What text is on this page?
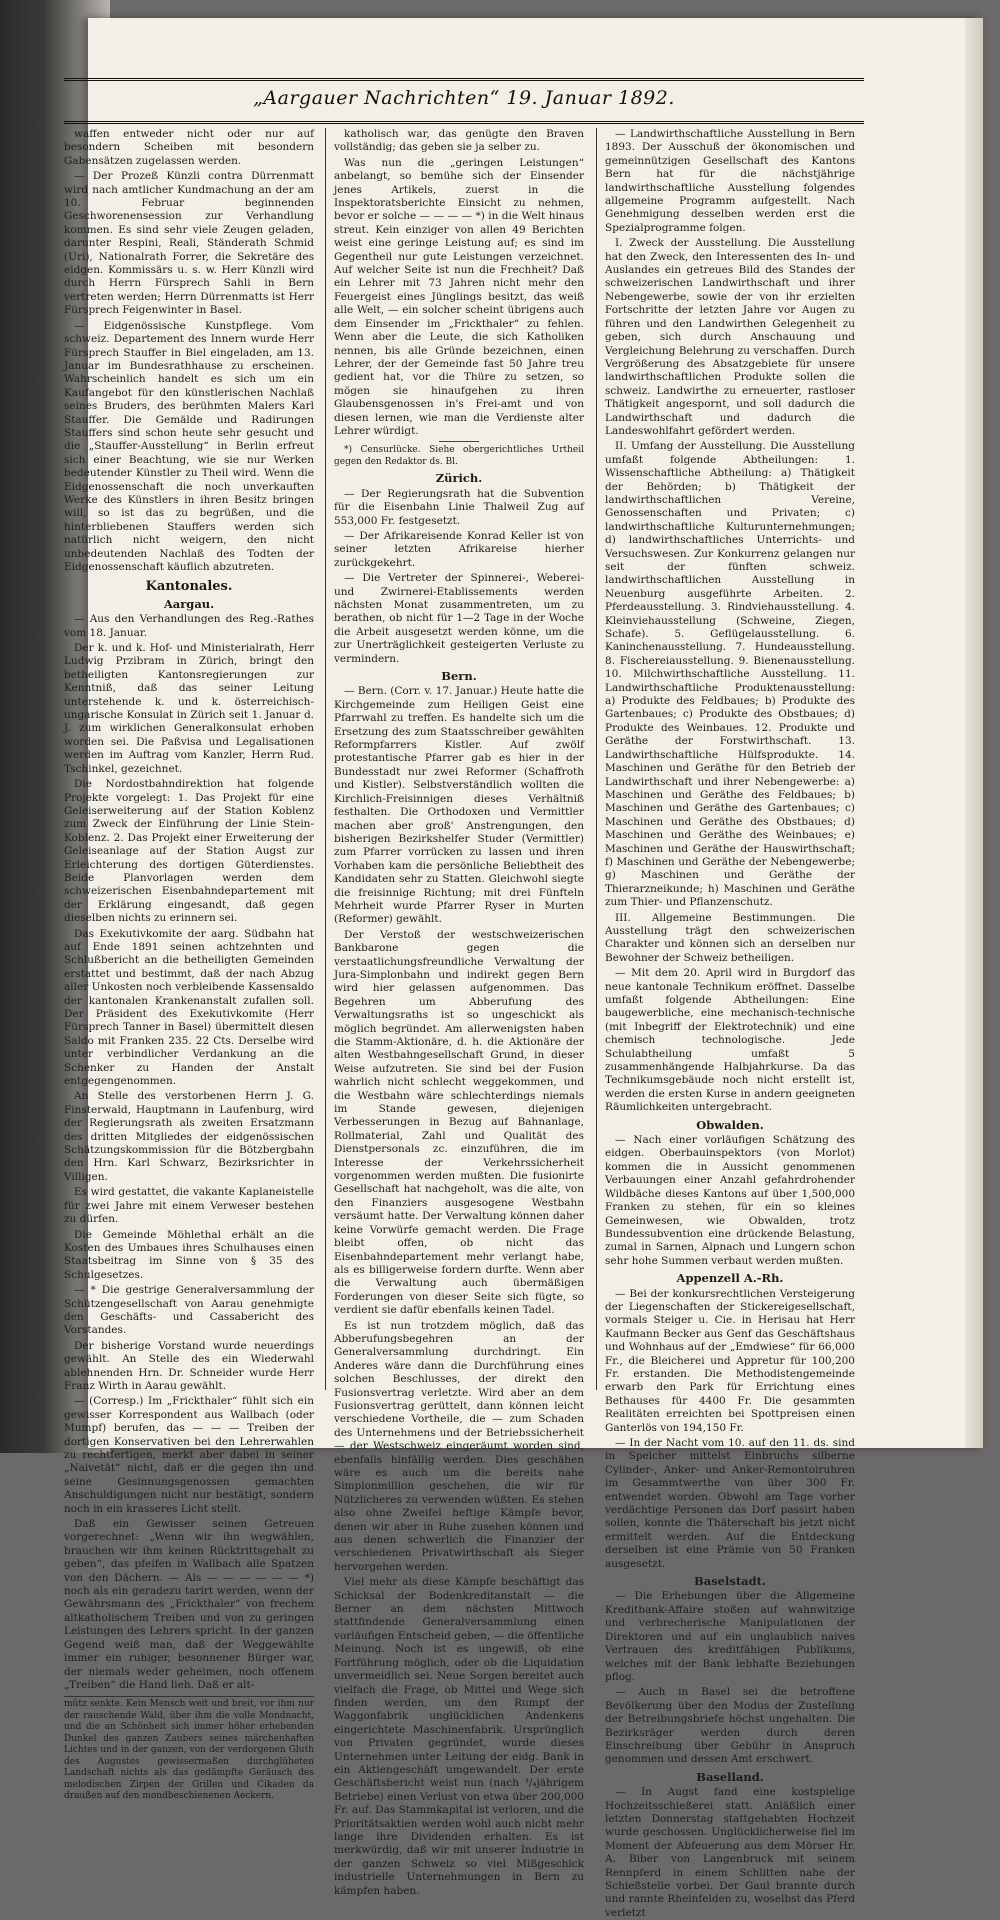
„Aargauer Nachrichten“ 19. Januar 1892.

waffen entweder nicht oder nur auf besondern Scheiben mit besondern Gabensätzen zugelassen werden.

— Der Prozeß Künzli contra Dürrenmatt wird nach amtlicher Kundmachung an der am 10. Februar beginnenden Geschworenensession zur Verhandlung kommen. Es sind sehr viele Zeugen geladen, darunter Respini, Reali, Ständerath Schmid (Uri), Nationalrath Forrer, die Sekretäre des eidgen. Kommissärs u. s. w. Herr Künzli wird durch Herrn Fürsprech Sahli in Bern vertreten werden; Herrn Dürrenmatts ist Herr Fürsprech Feigenwinter in Basel.

— Eidgenössische Kunstpflege. Vom schweiz. Departement des Innern wurde Herr Fürsprech Stauffer in Biel eingeladen, am 13. Januar im Bundesrathhause zu erscheinen. Wahrscheinlich handelt es sich um ein Kaufangebot für den künstlerischen Nachlaß seines Bruders, des berühmten Malers Karl Stauffer. Die Gemälde und Radirungen Stauffers sind schon heute sehr gesucht und die „Stauffer-Ausstellung“ in Berlin erfreut sich einer Beachtung, wie sie nur Werken bedeutender Künstler zu Theil wird. Wenn die Eidgenossenschaft die noch unverkauften Werke des Künstlers in ihren Besitz bringen will, so ist das zu begrüßen, und die hinterbliebenen Stauffers werden sich natürlich nicht weigern, den nicht unbedeutenden Nachlaß des Todten der Eidgenossenschaft käuflich abzutreten.

Kantonales.
Aargau.

— Aus den Verhandlungen des Reg.-Rathes vom 18. Januar.

Der k. und k. Hof- und Ministerialrath, Herr Ludwig Przibram in Zürich, bringt den betheiligten Kantonsregierungen zur Kenntniß, daß das seiner Leitung unterstehende k. und k. österreichisch-ungarische Konsulat in Zürich seit 1. Januar d. J. zum wirklichen Generalkonsulat erhoben worden sei. Die Paßvisa und Legalisationen werden im Auftrag vom Kanzler, Herrn Rud. Tschinkel, gezeichnet.

Die Nordostbahndirektion hat folgende Projekte vorgelegt: 1. Das Projekt für eine Geleiserweiterung auf der Station Koblenz zum Zweck der Einführung der Linie Stein-Koblenz. 2. Das Projekt einer Erweiterung der Geleiseanlage auf der Station Augst zur Erleichterung des dortigen Güterdienstes. Beide Planvorlagen werden dem schweizerischen Eisenbahndepartement mit der Erklärung eingesandt, daß gegen dieselben nichts zu erinnern sei.

Das Exekutivkomite der aarg. Südbahn hat auf Ende 1891 seinen achtzehnten und Schlußbericht an die betheiligten Gemeinden erstattet und bestimmt, daß der nach Abzug aller Unkosten noch verbleibende Kassensaldo der kantonalen Krankenanstalt zufallen soll. Der Präsident des Exekutivkomite (Herr Fürsprech Tanner in Basel) übermittelt diesen Saldo mit Franken 235. 22 Cts. Derselbe wird unter verbindlicher Verdankung an die Schenker zu Handen der Anstalt entgegengenommen.

An Stelle des verstorbenen Herrn J. G. Finsterwald, Hauptmann in Laufenburg, wird der Regierungsrath als zweiten Ersatzmann des dritten Mitgliedes der eidgenössischen Schätzungskommission für die Bötzbergbahn den Hrn. Karl Schwarz, Bezirksrichter in Villigen.

Es wird gestattet, die vakante Kaplaneistelle für zwei Jahre mit einem Verweser bestehen zu dürfen.

Die Gemeinde Möhlethal erhält an die Kosten des Umbaues ihres Schulhauses einen Staatsbeitrag im Sinne von § 35 des Schulgesetzes.

— * Die gestrige Generalversammlung der Schützengesellschaft von Aarau genehmigte den Geschäfts- und Cassabericht des Vorstandes.

Der bisherige Vorstand wurde neuerdings gewählt. An Stelle des ein Wiederwahl ablehnenden Hrn. Dr. Schneider wurde Herr Franz Wirth in Aarau gewählt.

— (Corresp.) Im „Frickthaler“ fühlt sich ein gewisser Korrespondent aus Wallbach (oder Mumpf) berufen, das — — — Treiben der dortigen Konservativen bei den Lehrerwahlen zu rechtfertigen, merkt aber dabei in seiner „Naivetät“ nicht, daß er die gegen ihn und seine Gesinnungsgenossen gemachten Anschuldigungen nicht nur bestätigt, sondern noch in ein krasseres Licht stellt.

Daß ein Gewisser seinen Getreuen vorgerechnet: „Wenn wir ihn wegwählen, brauchen wir ihm keinen Rücktrittsgehalt zu geben“, das pfeifen in Wallbach alle Spatzen von den Dächern. — Als — — — — — — *) noch als ein geradezu tarirt werden, wenn der Gewährsmann des „Frickthaler“ von frechem altkatholischem Treiben und von zu geringen Leistungen des Lehrers spricht. In der ganzen Gegend weiß man, daß der Weggewählte immer ein ruhiger, besonnener Bürger war, der niemals weder geheimen, noch offenem „Treiben“ die Hand lieh. Daß er alt-

mütz senkte. Kein Mensch weit und breit, vor ihm nur der rauschende Wald, über ihm die volle Mondnacht, und die an Schönheit sich immer höher erhebenden Dunkel des ganzen Zaubers seines märchenhaften Lichtes und in der ganzen, von der verdorgenen Gluth des Augustes gewissermaßen durchglüheten Landschaft nichts als das gedämpfte Geräusch des melodischen Zirpen der Grillen und Cikaden da draußen auf den mondbeschienenen Aeckern.

katholisch war, das genügte den Braven vollständig; das geben sie ja selber zu.

Was nun die „geringen Leistungen“ anbelangt, so bemühe sich der Einsender jenes Artikels, zuerst in die Inspektoratsberichte Einsicht zu nehmen, bevor er solche — — — — *) in die Welt hinaus streut. Kein einziger von allen 49 Berichten weist eine geringe Leistung auf; es sind im Gegentheil nur gute Leistungen verzeichnet. Auf welcher Seite ist nun die Frechheit? Daß ein Lehrer mit 73 Jahren nicht mehr den Feuergeist eines Jünglings besitzt, das weiß alle Welt, — ein solcher scheint übrigens auch dem Einsender im „Frickthaler“ zu fehlen. Wenn aber die Leute, die sich Katholiken nennen, bis alle Gründe bezeichnen, einen Lehrer, der der Gemeinde fast 50 Jahre treu gedient hat, vor die Thüre zu setzen, so mögen sie hinaufgehen zu ihren Glaubensgenossen in's Frei-amt und von diesen lernen, wie man die Verdienste alter Lehrer würdigt.

*) Censurlücke. Siehe obergerichtliches Urtheil gegen den Redaktor ds. Bl.

Zürich.

— Der Regierungsrath hat die Subvention für die Eisenbahn Linie Thalweil Zug auf 553,000 Fr. festgesetzt.

— Der Afrikareisende Konrad Keller ist von seiner letzten Afrikareise hierher zurückgekehrt.

— Die Vertreter der Spinnerei-, Weberei- und Zwirnerei-Etablissements werden nächsten Monat zusammentreten, um zu berathen, ob nicht für 1—2 Tage in der Woche die Arbeit ausgesetzt werden könne, um die zur Unerträglichkeit gesteigerten Verluste zu vermindern.

Bern.

— Bern. (Corr. v. 17. Januar.) Heute hatte die Kirchgemeinde zum Heiligen Geist eine Pfarrwahl zu treffen. Es handelte sich um die Ersetzung des zum Staatsschreiber gewählten Reformpfarrers Kistler. Auf zwölf protestantische Pfarrer gab es hier in der Bundesstadt nur zwei Reformer (Schaffroth und Kistler). Selbstverständlich wollten die Kirchlich-Freisinnigen dieses Verhältniß festhalten. Die Orthodoxen und Vermittler machen aber groß' Anstrengungen, den bisherigen Bezirkshelfer Studer (Vermittler) zum Pfarrer vorrücken zu lassen und ihren Vorhaben kam die persönliche Beliebtheit des Kandidaten sehr zu Statten. Gleichwohl siegte die freisinnige Richtung; mit drei Fünfteln Mehrheit wurde Pfarrer Ryser in Murten (Reformer) gewählt.

Der Verstoß der westschweizerischen Bankbarone gegen die verstaatlichungsfreundliche Verwaltung der Jura-Simplonbahn und indirekt gegen Bern wird hier gelassen aufgenommen. Das Begehren um Abberufung des Verwaltungsraths ist so ungeschickt als möglich begründet. Am allerwenigsten haben die Stamm-Aktionäre, d. h. die Aktionäre der alten Westbahngesellschaft Grund, in dieser Weise aufzutreten. Sie sind bei der Fusion wahrlich nicht schlecht weggekommen, und die Westbahn wäre schlechterdings niemals im Stande gewesen, diejenigen Verbesserungen in Bezug auf Bahnanlage, Rollmaterial, Zahl und Qualität des Dienstpersonals zc. einzuführen, die im Interesse der Verkehrssicherheit vorgenommen werden mußten. Die fusionirte Gesellschaft hat nachgeholt, was die alte, von den Finanziers ausgesogene Westbahn versäumt hatte. Der Verwaltung können daher keine Vorwürfe gemacht werden. Die Frage bleibt offen, ob nicht das Eisenbahndepartement mehr verlangt habe, als es billigerweise fordern durfte. Wenn aber die Verwaltung auch übermäßigen Forderungen von dieser Seite sich fügte, so verdient sie dafür ebenfalls keinen Tadel.

Es ist nun trotzdem möglich, daß das Abberufungsbegehren an der Generalversammlung durchdringt. Ein Anderes wäre dann die Durchführung eines solchen Beschlusses, der direkt den Fusionsvertrag verletzte. Wird aber an dem Fusionsvertrag gerüttelt, dann können leicht verschiedene Vortheile, die — zum Schaden des Unternehmens und der Betriebssicherheit — der Westschweiz eingeräumt worden sind, ebenfalls hinfällig werden. Dies geschähen wäre es auch um die bereits nahe Simplonmillion geschehen, die wir für Nützlicheres zu verwenden wüßten. Es stehen also ohne Zweifel heftige Kämpfe bevor, denen wir aber in Ruhe zusehen können und aus denen schwerlich die Finanzier der verschiedenen Privatwirthschaft als Sieger hervorgehen werden.

Viel mehr als diese Kämpfe beschäftigt das Schicksal der Bodenkreditanstalt — die Berner an dem nächsten Mittwoch stattfindende Generalversammlung einen vorläufigen Entscheid geben, — die öffentliche Meinung. Noch ist es ungewiß, ob eine Fortführung möglich, oder ob die Liquidation unvermeidlich sei. Neue Sorgen bereitet auch vielfach die Frage, ob Mittel und Wege sich finden werden, um den Rumpf der Waggonfabrik unglücklichen Andenkens eingerichtete Maschinenfabrik. Ursprünglich von Privaten gegründet, wurde dieses Unternehmen unter Leitung der eidg. Bank in ein Aktiengeschäft umgewandelt. Der erste Geschäftsbericht weist nun (nach ³/₄jährigem Betriebe) einen Verlust von etwa über 200,000 Fr. auf. Das Stammkapital ist verloren, und die Prioritätsaktien werden wohl auch nicht mehr lange ihre Dividenden erhalten. Es ist merkwürdig, daß wir mit unserer Industrie in der ganzen Schweiz so viel Mißgeschick industrielle Unternehmungen in Bern zu kämpfen haben.

— Landwirthschaftliche Ausstellung in Bern 1893. Der Ausschuß der ökonomischen und gemeinnützigen Gesellschaft des Kantons Bern hat für die nächstjährige landwirthschaftliche Ausstellung folgendes allgemeine Programm aufgestellt. Nach Genehmigung desselben werden erst die Spezialprogramme folgen.

I. Zweck der Ausstellung. Die Ausstellung hat den Zweck, den Interessenten des In- und Auslandes ein getreues Bild des Standes der schweizerischen Landwirthschaft und ihrer Nebengewerbe, sowie der von ihr erzielten Fortschritte der letzten Jahre vor Augen zu führen und den Landwirthen Gelegenheit zu geben, sich durch Anschauung und Vergleichung Belehrung zu verschaffen. Durch Vergrößerung des Absatzgebiete für unsere landwirthschaftlichen Produkte sollen die schweiz. Landwirthe zu erneuerter, rastloser Thätigkeit angespornt, und soll dadurch die Landwirthschaft und dadurch die Landeswohlfahrt gefördert werden.

II. Umfang der Ausstellung. Die Ausstellung umfaßt folgende Abtheilungen: 1. Wissenschaftliche Abtheilung: a) Thätigkeit der Behörden; b) Thätigkeit der landwirthschaftlichen Vereine, Genossenschaften und Privaten; c) landwirthschaftliche Kulturunternehmungen; d) landwirthschaftliches Unterrichts- und Versuchswesen. Zur Konkurrenz gelangen nur seit der fünften schweiz. landwirthschaftlichen Ausstellung in Neuenburg ausgeführte Arbeiten. 2. Pferdeausstellung. 3. Rindviehausstellung. 4. Kleinviehausstellung (Schweine, Ziegen, Schafe). 5. Geflügelausstellung. 6. Kaninchenausstellung. 7. Hundeausstellung. 8. Fischereiausstellung. 9. Bienenausstellung. 10. Milchwirthschaftliche Ausstellung. 11. Landwirthschaftliche Produktenausstellung: a) Produkte des Feldbaues; b) Produkte des Gartenbaues; c) Produkte des Obstbaues; d) Produkte des Weinbaues. 12. Produkte und Geräthe der Forstwirthschaft. 13. Landwirthschaftliche Hülfsprodukte. 14. Maschinen und Geräthe für den Betrieb der Landwirthschaft und ihrer Nebengewerbe: a) Maschinen und Geräthe des Feldbaues; b) Maschinen und Geräthe des Gartenbaues; c) Maschinen und Geräthe des Obstbaues; d) Maschinen und Geräthe des Weinbaues; e) Maschinen und Geräthe der Hauswirthschaft; f) Maschinen und Geräthe der Nebengewerbe; g) Maschinen und Geräthe der Thierarzneikunde; h) Maschinen und Geräthe zum Thier- und Pflanzenschutz.

III. Allgemeine Bestimmungen. Die Ausstellung trägt den schweizerischen Charakter und können sich an derselben nur Bewohner der Schweiz betheiligen.

— Mit dem 20. April wird in Burgdorf das neue kantonale Technikum eröffnet. Dasselbe umfaßt folgende Abtheilungen: Eine baugewerbliche, eine mechanisch-technische (mit Inbegriff der Elektrotechnik) und eine chemisch technologische. Jede Schulabtheilung umfaßt 5 zusammenhängende Halbjahrkurse. Da das Technikumsgebäude noch nicht erstellt ist, werden die ersten Kurse in andern geeigneten Räumlichkeiten untergebracht.

Obwalden.

— Nach einer vorläufigen Schätzung des eidgen. Oberbauinspektors (von Morlot) kommen die in Aussicht genommenen Verbauungen einer Anzahl gefahrdrohender Wildbäche dieses Kantons auf über 1,500,000 Franken zu stehen, für ein so kleines Gemeinwesen, wie Obwalden, trotz Bundessubvention eine drückende Belastung, zumal in Sarnen, Alpnach und Lungern schon sehr hohe Summen verbaut werden mußten.

Appenzell A.-Rh.

— Bei der konkursrechtlichen Versteigerung der Liegenschaften der Stickereigesellschaft, vormals Steiger u. Cie. in Herisau hat Herr Kaufmann Becker aus Genf das Geschäftshaus und Wohnhaus auf der „Emdwiese“ für 66,000 Fr., die Bleicherei und Appretur für 100,200 Fr. erstanden. Die Methodistengemeinde erwarb den Park für Errichtung eines Bethauses für 4400 Fr. Die gesammten Realitäten erreichten bei Spottpreisen einen Ganterlös von 194,150 Fr.

— In der Nacht vom 10. auf den 11. ds. sind in Speicher mittelst Einbruchs silberne Cylinder-, Anker- und Anker-Remontoiruhren im Gesammtwerthe von über 300 Fr. entwendet worden. Obwohl am Tage vorher verdächtige Personen das Dorf passirt haben sollen, konnte die Thäterschaft bis jetzt nicht ermittelt werden. Auf die Entdeckung derselben ist eine Prämie von 50 Franken ausgesetzt.

Baselstadt.

— Die Erhebungen über die Allgemeine Kreditbank-Affaire stoßen auf wahnwitzige und verbrecherische Manipulationen der Direktoren und auf ein unglaublich naives Vertrauen des kreditfähigen Publikums, welches mit der Bank lebhafte Beziehungen pflog.

— Auch in Basel sei die betroffene Bevölkerung über den Modus der Zustellung der Betreibungsbriefe höchst ungehalten. Die Bezirksräger werden durch deren Einschreibung über Gebühr in Anspruch genommen und dessen Amt erschwert.

Baselland.

— In Augst fand eine kostspielige Hochzeitsschießerei statt. Anläßlich einer letzten Donnerstag stattgehabten Hochzeit wurde geschossen. Unglücklicherweise fiel im Moment der Abfeuerung aus dem Mörser Hr. A. Biber von Langenbruck mit seinem Rennpferd in einem Schlitten nahe der Schießstelle vorbei. Der Gaul brannte durch und rannte Rheinfelden zu, woselbst das Pferd verletzt
